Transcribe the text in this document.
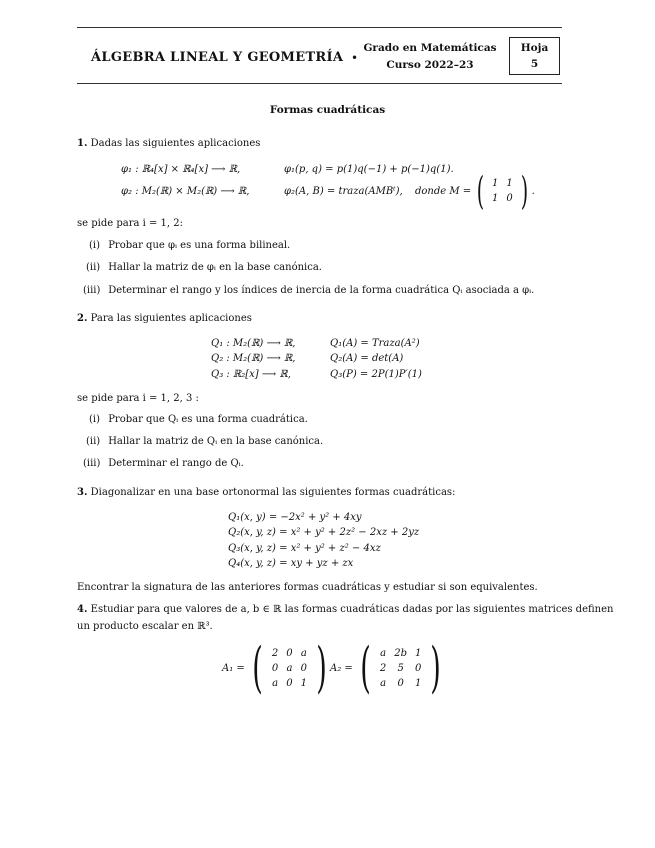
ÁLGEBRA LINEAL Y GEOMETRÍA •
Grado en Matemáticas
Curso 2022–23
Hoja
5
Formas cuadráticas
1. Dadas las siguientes aplicaciones
φ₁ : ℝ₄[x] × ℝ₄[x] ⟶ ℝ,	φ₁(p, q) = p(1)q(−1) + p(−1)q(1).
φ₂ : M₂(ℝ) × M₂(ℝ) ⟶ ℝ,	φ₂(A, B) = traza(AMBᵗ), donde M = ( 1	1
1	0 ) .
se pide para i = 1, 2:
(i) Probar que φᵢ es una forma bilineal.
(ii) Hallar la matriz de φᵢ en la base canónica.
(iii) Determinar el rango y los índices de inercia de la forma cuadrática Qᵢ asociada a φᵢ.
2. Para las siguientes aplicaciones
Q₁ : M₂(ℝ) ⟶ ℝ,	Q₁(A) = Traza(A²)
Q₂ : M₂(ℝ) ⟶ ℝ,	Q₂(A) = det(A)
Q₃ : ℝ₂[x] ⟶ ℝ,	Q₃(P) = 2P(1)P′(1)
se pide para i = 1, 2, 3 :
(i) Probar que Qᵢ es una forma cuadrática.
(ii) Hallar la matriz de Qᵢ en la base canónica.
(iii) Determinar el rango de Qᵢ.
3. Diagonalizar en una base ortonormal las siguientes formas cuadráticas:
Q₁(x, y) = −2x² + y² + 4xy
Q₂(x, y, z) = x² + y² + 2z² − 2xz + 2yz
Q₃(x, y, z) = x² + y² + z² − 4xz
Q₄(x, y, z) = xy + yz + zx
Encontrar la signatura de las anteriores formas cuadráticas y estudiar si son equivalentes.
4. Estudiar para que valores de a, b ∈ ℝ las formas cuadráticas dadas por las siguientes matrices definen
un producto escalar en ℝ³.
A₁ = ( 2	0	a
0	a	0
a	0	1 ) A₂ = ( a	2b	1
2	5	0
a	0	1 )
